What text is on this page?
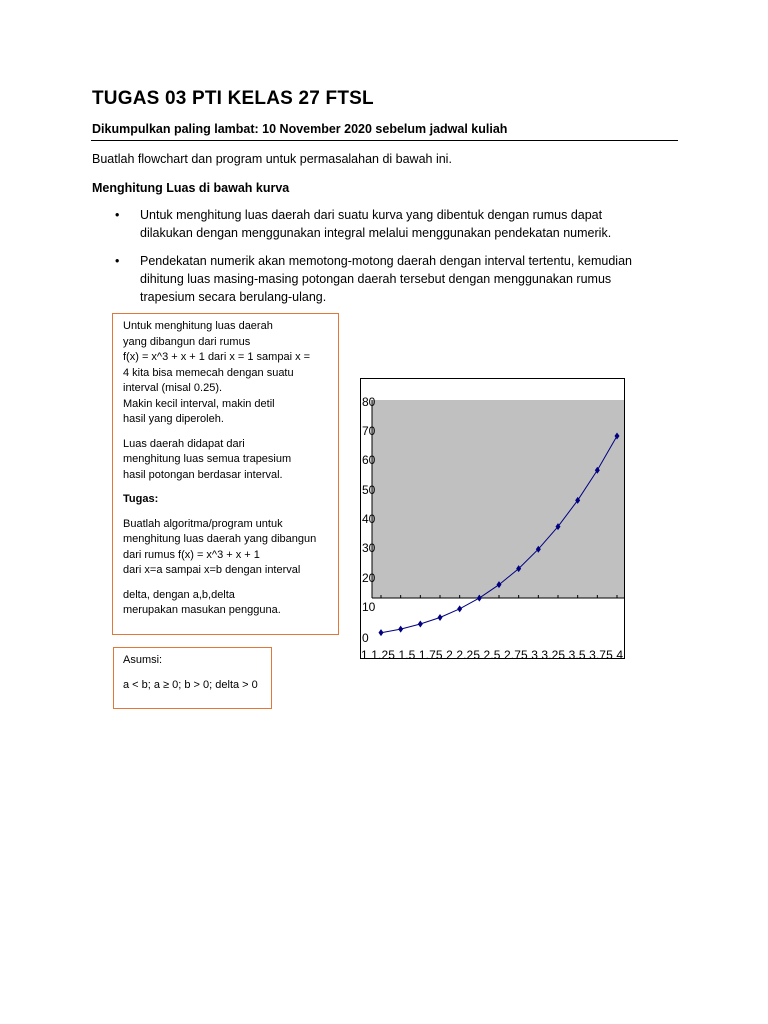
TUGAS 03 PTI KELAS 27 FTSL
Dikumpulkan paling lambat: 10 November 2020 sebelum jadwal kuliah
Buatlah flowchart dan program untuk permasalahan di bawah ini.
Menghitung Luas di bawah kurva
• Untuk menghitung luas daerah dari suatu kurva yang dibentuk dengan rumus dapat
dilakukan dengan menggunakan integral melalui menggunakan pendekatan numerik.
• Pendekatan numerik akan memotong-motong daerah dengan interval tertentu, kemudian
dihitung luas masing-masing potongan daerah tersebut dengan menggunakan rumus
trapesium secara berulang-ulang.

Untuk menghitung luas daerah
yang dibangun dari rumus
f(x) = x^3 + x + 1 dari x = 1 sampai x =
4 kita bisa memecah dengan suatu
interval (misal 0.25).
Makin kecil interval, makin detil
hasil yang diperoleh.

Luas daerah didapat dari
menghitung luas semua trapesium
hasil potongan berdasar interval.

Tugas:

Buatlah algoritma/program untuk
menghitung luas daerah yang dibangun
dari rumus f(x) = x^3 + x + 1
dari x=a sampai x=b dengan interval

delta, dengan a,b,delta
merupakan masukan pengguna.

Asumsi:

a < b; a ≥ 0; b > 0; delta > 0

0
10
20
30
40
50
60
70
80
1 1.25 1.5 1.75 2 2.25 2.5 2.75 3 3.25 3.5 3.75 4
